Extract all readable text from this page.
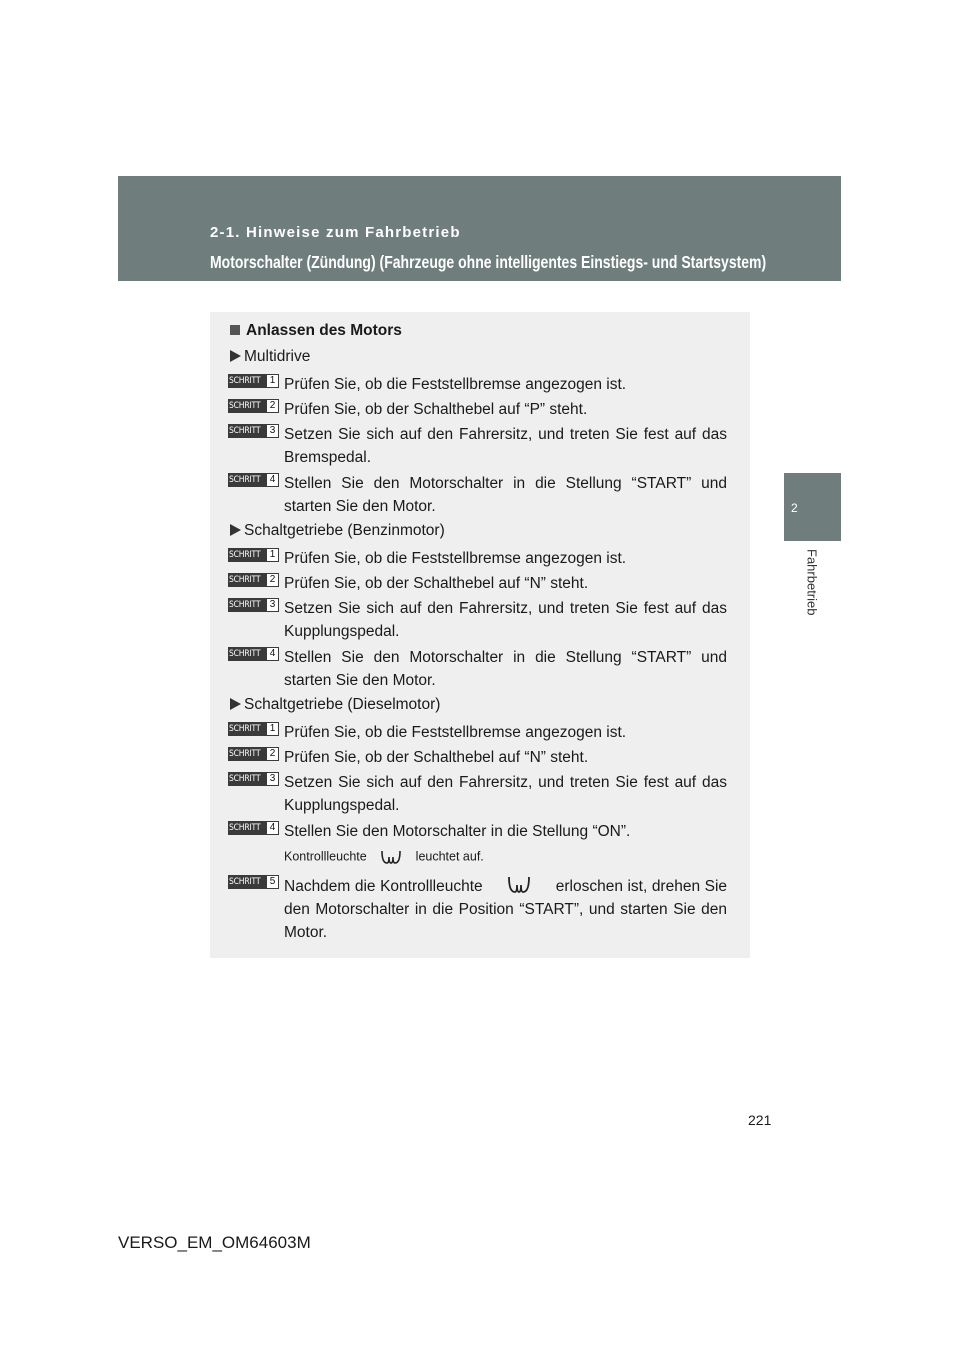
2-1. Hinweise zum Fahrbetrieb
Motorschalter (Zündung) (Fahrzeuge ohne intelligentes Einstiegs- und Startsystem)
2
Fahrbetrieb
Anlassen des Motors
Multidrive
SCHRITT 1 Prüfen Sie, ob die Feststellbremse angezogen ist.
SCHRITT 2 Prüfen Sie, ob der Schalthebel auf “P” steht.
SCHRITT 3 Setzen Sie sich auf den Fahrersitz, und treten Sie fest auf das Bremspedal.
SCHRITT 4 Stellen Sie den Motorschalter in die Stellung “START” und starten Sie den Motor.
Schaltgetriebe (Benzinmotor)
SCHRITT 1 Prüfen Sie, ob die Feststellbremse angezogen ist.
SCHRITT 2 Prüfen Sie, ob der Schalthebel auf “N” steht.
SCHRITT 3 Setzen Sie sich auf den Fahrersitz, und treten Sie fest auf das Kupplungspedal.
SCHRITT 4 Stellen Sie den Motorschalter in die Stellung “START” und starten Sie den Motor.
Schaltgetriebe (Dieselmotor)
SCHRITT 1 Prüfen Sie, ob die Feststellbremse angezogen ist.
SCHRITT 2 Prüfen Sie, ob der Schalthebel auf “N” steht.
SCHRITT 3 Setzen Sie sich auf den Fahrersitz, und treten Sie fest auf das Kupplungspedal.
SCHRITT 4 Stellen Sie den Motorschalter in die Stellung “ON”.
Kontrollleuchte	leuchtet auf.
SCHRITT 5 Nachdem die Kontrollleuchte	erloschen ist, drehen Sie den Motorschalter in die Position “START”, und starten Sie den Motor.
221
VERSO_EM_OM64603M
